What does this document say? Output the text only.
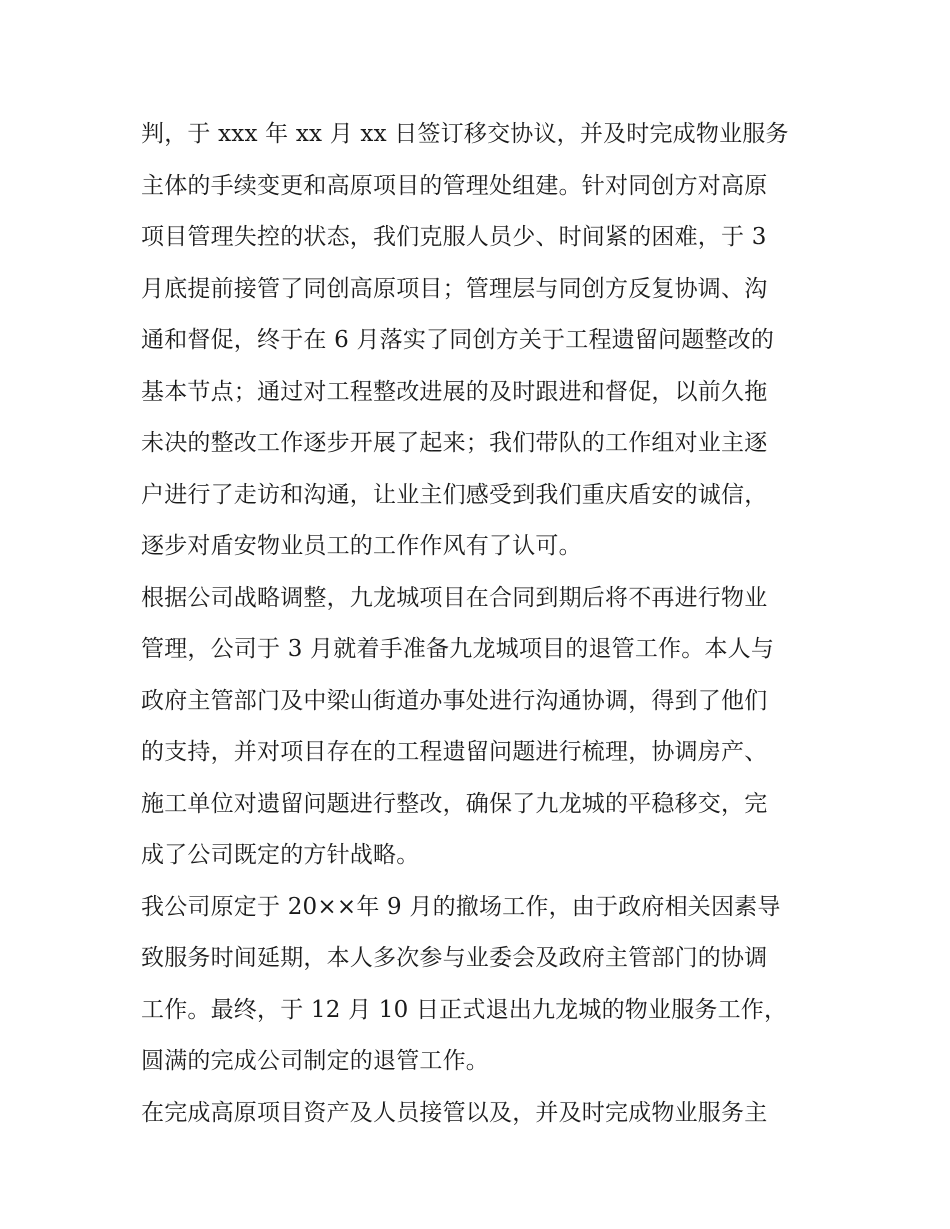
判，于 xxx 年 xx 月 xx 日签订移交协议，并及时完成物业服务
主体的手续变更和高原项目的管理处组建。针对同创方对高原
项目管理失控的状态，我们克服人员少、时间紧的困难，于 3
月底提前接管了同创高原项目；管理层与同创方反复协调、沟
通和督促，终于在 6 月落实了同创方关于工程遗留问题整改的
基本节点；通过对工程整改进展的及时跟进和督促，以前久拖
未决的整改工作逐步开展了起来；我们带队的工作组对业主逐
户进行了走访和沟通，让业主们感受到我们重庆盾安的诚信，
逐步对盾安物业员工的工作作风有了认可。
根据公司战略调整，九龙城项目在合同到期后将不再进行物业
管理，公司于 3 月就着手准备九龙城项目的退管工作。本人与
政府主管部门及中梁山街道办事处进行沟通协调，得到了他们
的支持，并对项目存在的工程遗留问题进行梳理，协调房产、
施工单位对遗留问题进行整改，确保了九龙城的平稳移交，完
成了公司既定的方针战略。
我公司原定于 20××年 9 月的撤场工作，由于政府相关因素导
致服务时间延期，本人多次参与业委会及政府主管部门的协调
工作。最终，于 12 月 10 日正式退出九龙城的物业服务工作，
圆满的完成公司制定的退管工作。
在完成高原项目资产及人员接管以及，并及时完成物业服务主
